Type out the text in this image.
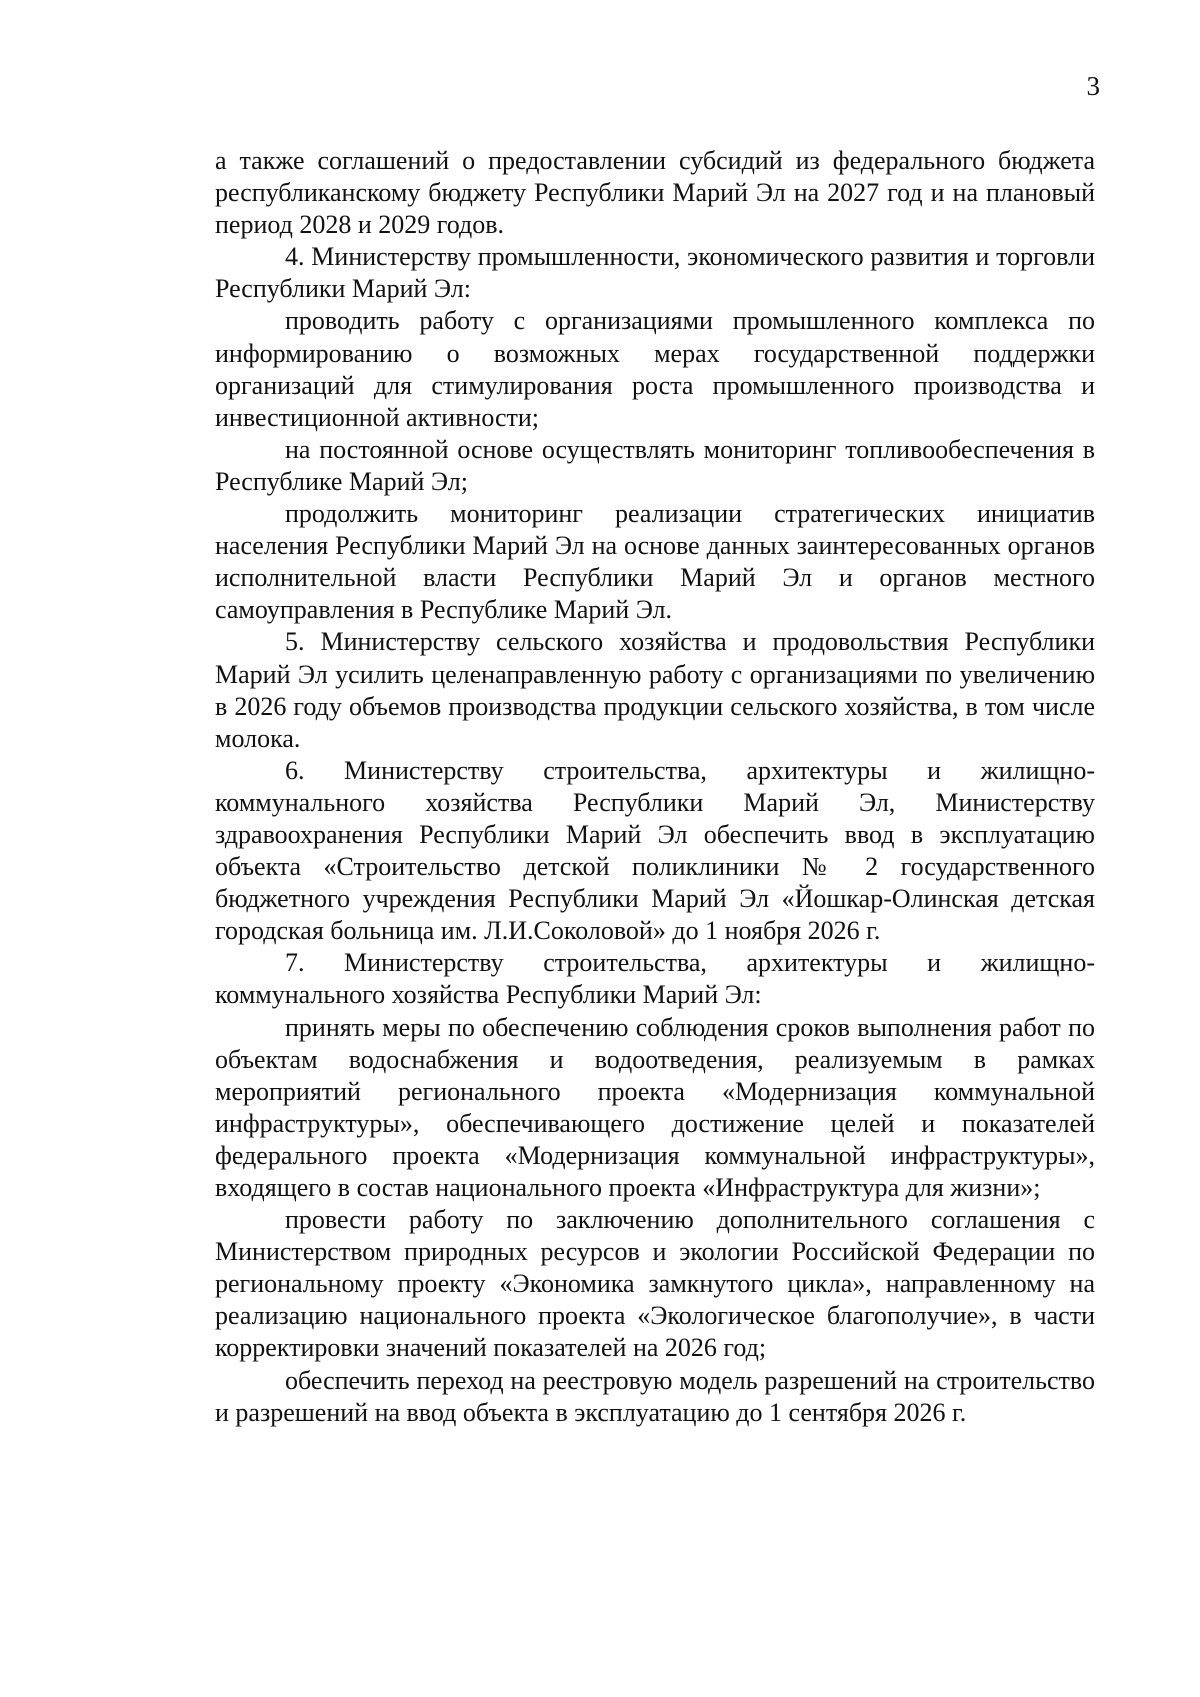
3

а также соглашений о предоставлении субсидий из федерального бюджета республиканскому бюджету Республики Марий Эл на 2027 год и на плановый период 2028 и 2029 годов.

4. Министерству промышленности, экономического развития и торговли Республики Марий Эл:

проводить работу с организациями промышленного комплекса по информированию о возможных мерах государственной поддержки организаций для стимулирования роста промышленного производства и инвестиционной активности;

на постоянной основе осуществлять мониторинг топливообеспечения в Республике Марий Эл;

продолжить мониторинг реализации стратегических инициатив населения Республики Марий Эл на основе данных заинтересованных органов исполнительной власти Республики Марий Эл и органов местного самоуправления в Республике Марий Эл.

5. Министерству сельского хозяйства и продовольствия Республики Марий Эл усилить целенаправленную работу с организациями по увеличению в 2026 году объемов производства продукции сельского хозяйства, в том числе молока.

6. Министерству строительства, архитектуры и жилищно-коммунального хозяйства Республики Марий Эл, Министерству здравоохранения Республики Марий Эл обеспечить ввод в эксплуатацию объекта «Строительство детской поликлиники № 2 государственного бюджетного учреждения Республики Марий Эл «Йошкар-Олинская детская городская больница им. Л.И.Соколовой» до 1 ноября 2026 г.

7. Министерству строительства, архитектуры и жилищно-коммунального хозяйства Республики Марий Эл:

принять меры по обеспечению соблюдения сроков выполнения работ по объектам водоснабжения и водоотведения, реализуемым в рамках мероприятий регионального проекта «Модернизация коммунальной инфраструктуры», обеспечивающего достижение целей и показателей федерального проекта «Модернизация коммунальной инфраструктуры», входящего в состав национального проекта «Инфраструктура для жизни»;

провести работу по заключению дополнительного соглашения с Министерством природных ресурсов и экологии Российской Федерации по региональному проекту «Экономика замкнутого цикла», направленному на реализацию национального проекта «Экологическое благополучие», в части корректировки значений показателей на 2026 год;

обеспечить переход на реестровую модель разрешений на строительство и разрешений на ввод объекта в эксплуатацию до 1 сентября 2026 г.
